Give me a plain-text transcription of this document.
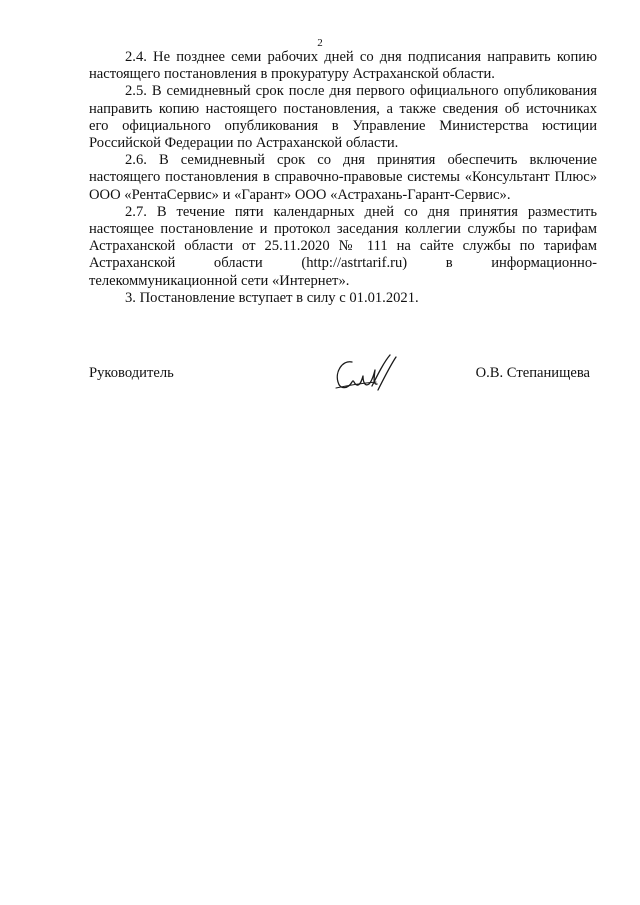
2

2.4. Не позднее семи рабочих дней со дня подписания направить копию настоящего постановления в прокуратуру Астраханской области.

2.5. В семидневный срок после дня первого официального опубликования направить копию настоящего постановления, а также сведения об источниках его официального опубликования в Управление Министерства юстиции Российской Федерации по Астраханской области.

2.6. В семидневный срок со дня принятия обеспечить включение настоящего постановления в справочно-правовые системы «Консультант Плюс» ООО «РентаСервис» и «Гарант» ООО «Астрахань-Гарант-Сервис».

2.7. В течение пяти календарных дней со дня принятия разместить настоящее постановление и протокол заседания коллегии службы по тарифам Астраханской области от 25.11.2020 № 111 на сайте службы по тарифам Астраханской области (http://astrtarif.ru) в информационно-телекоммуникационной сети «Интернет».

3. Постановление вступает в силу с 01.01.2021.

Руководитель	О.В. Степанищева
